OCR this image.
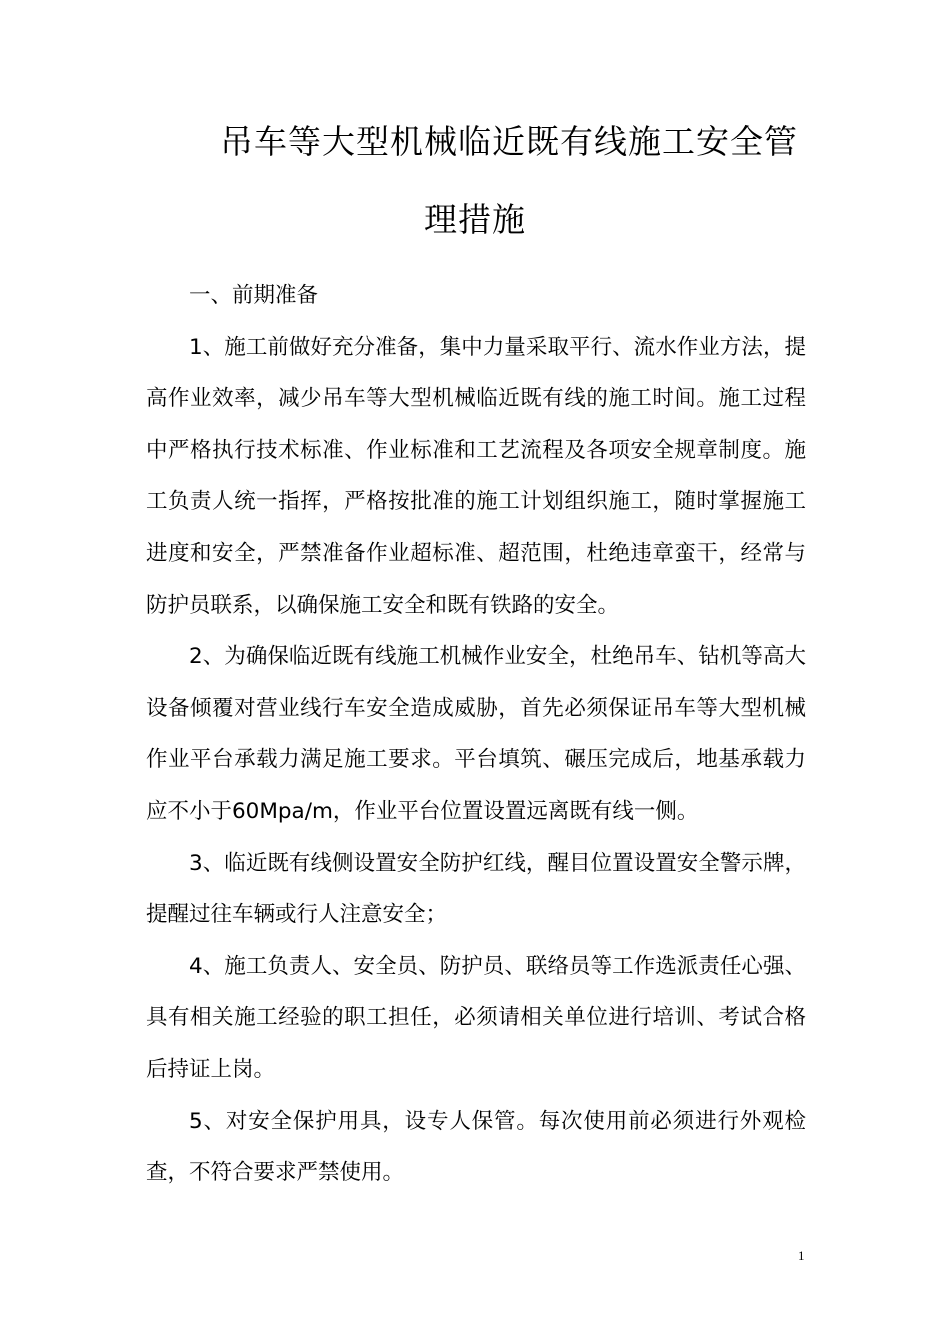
吊车等大型机械临近既有线施工安全管
理措施

一、前期准备

1、施工前做好充分准备，集中力量采取平行、流水作业方法，提高作业效率，减少吊车等大型机械临近既有线的施工时间。施工过程中严格执行技术标准、作业标准和工艺流程及各项安全规章制度。施工负责人统一指挥，严格按批准的施工计划组织施工，随时掌握施工进度和安全，严禁准备作业超标准、超范围，杜绝违章蛮干，经常与防护员联系，以确保施工安全和既有铁路的安全。

2、为确保临近既有线施工机械作业安全，杜绝吊车、钻机等高大设备倾覆对营业线行车安全造成威胁，首先必须保证吊车等大型机械作业平台承载力满足施工要求。平台填筑、碾压完成后，地基承载力应不小于60Mpa/m，作业平台位置设置远离既有线一侧。

3、临近既有线侧设置安全防护红线，醒目位置设置安全警示牌，提醒过往车辆或行人注意安全；

4、施工负责人、安全员、防护员、联络员等工作选派责任心强、具有相关施工经验的职工担任，必须请相关单位进行培训、考试合格后持证上岗。

5、对安全保护用具，设专人保管。每次使用前必须进行外观检查，不符合要求严禁使用。

1
